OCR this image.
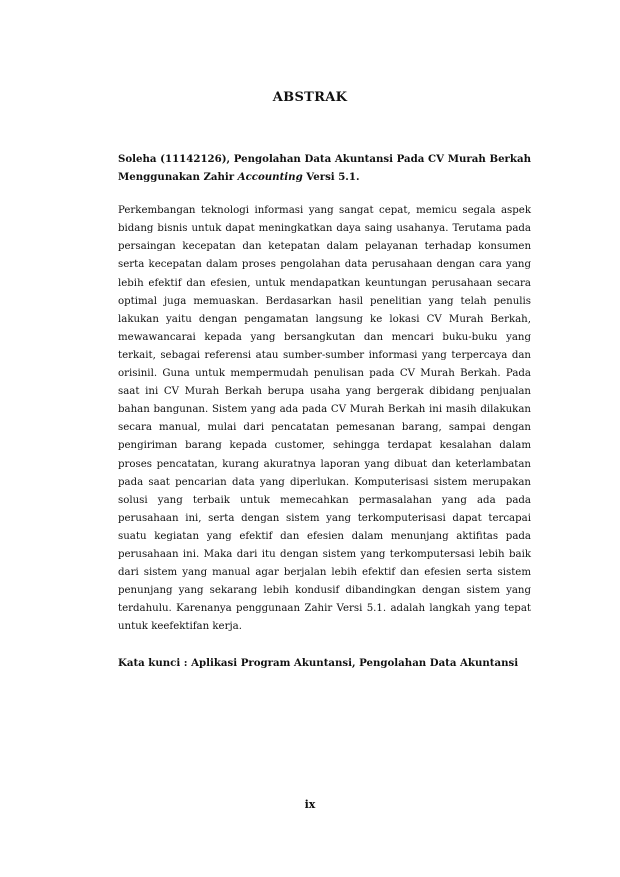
ABSTRAK

Soleha (11142126), Pengolahan Data Akuntansi Pada CV Murah Berkah Menggunakan Zahir Accounting Versi 5.1.

Perkembangan teknologi informasi yang sangat cepat, memicu segala aspek bidang bisnis untuk dapat meningkatkan daya saing usahanya. Terutama pada persaingan kecepatan dan ketepatan dalam pelayanan terhadap konsumen serta kecepatan dalam proses pengolahan data perusahaan dengan cara yang lebih efektif dan efesien, untuk mendapatkan keuntungan perusahaan secara optimal juga memuaskan. Berdasarkan hasil penelitian yang telah penulis lakukan yaitu dengan pengamatan langsung ke lokasi CV Murah Berkah, mewawancarai kepada yang bersangkutan dan mencari buku-buku yang terkait, sebagai referensi atau sumber-sumber informasi yang terpercaya dan orisinil. Guna untuk mempermudah penulisan pada CV Murah Berkah. Pada saat ini CV Murah Berkah berupa usaha yang bergerak dibidang penjualan bahan bangunan. Sistem yang ada pada CV Murah Berkah ini masih dilakukan secara manual, mulai dari pencatatan pemesanan barang, sampai dengan pengiriman barang kepada customer, sehingga terdapat kesalahan dalam proses pencatatan, kurang akuratnya laporan yang dibuat dan keterlambatan pada saat pencarian data yang diperlukan. Komputerisasi sistem merupakan solusi yang terbaik untuk memecahkan permasalahan yang ada pada perusahaan ini, serta dengan sistem yang terkomputerisasi dapat tercapai suatu kegiatan yang efektif dan efesien dalam menunjang aktifitas pada perusahaan ini. Maka dari itu dengan sistem yang terkomputersasi lebih baik dari sistem yang manual agar berjalan lebih efektif dan efesien serta sistem penunjang yang sekarang lebih kondusif dibandingkan dengan sistem yang terdahulu. Karenanya penggunaan Zahir Versi 5.1. adalah langkah yang tepat untuk keefektifan kerja.

Kata kunci : Aplikasi Program Akuntansi, Pengolahan Data Akuntansi

ix
